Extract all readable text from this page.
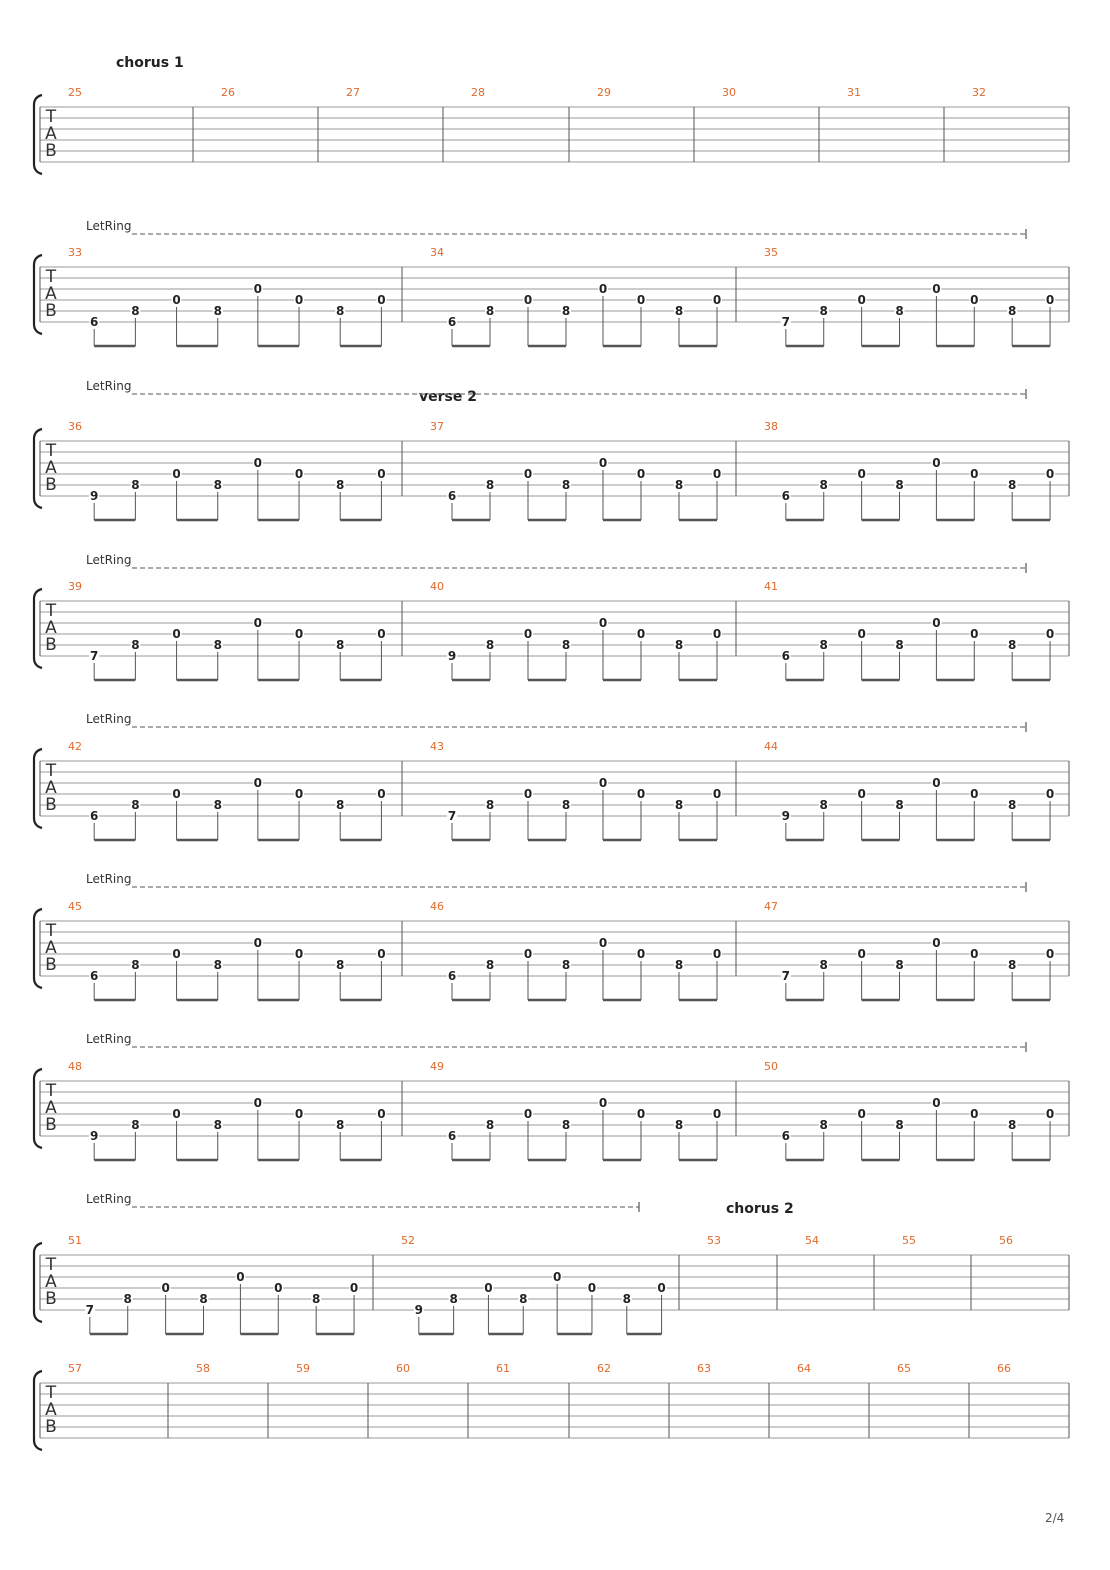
T
A
B
chorus 1
25	26	27	28	29	30	31	32
T
A
B
LetRing
33
6
8
0
8
0
0
8
0
34
6
8
0
8
0
0
8
0
35
7
8
0
8
0
0
8
0
T
A
B
verse 2
LetRing
36
9
8
0
8
0
0
8
0
37
6
8
0
8
0
0
8
0
38
6
8
0
8
0
0
8
0
T
A
B
LetRing
39
7
8
0
8
0
0
8
0
40
9
8
0
8
0
0
8
0
41
6
8
0
8
0
0
8
0
T
A
B
LetRing
42
6
8
0
8
0
0
8
0
43
7
8
0
8
0
0
8
0
44
9
8
0
8
0
0
8
0
T
A
B
LetRing
45
6
8
0
8
0
0
8
0
46
6
8
0
8
0
0
8
0
47
7
8
0
8
0
0
8
0
T
A
B
LetRing
48
9
8
0
8
0
0
8
0
49
6
8
0
8
0
0
8
0
50
6
8
0
8
0
0
8
0
T
A
B
chorus 2
LetRing
51
7
8
0
8
0
0
8
0
52
9
8
0
8
0
0
8
0
53	54	55	56
T
A
B
57	58	59	60	61	62	63	64	65	66
2/4
